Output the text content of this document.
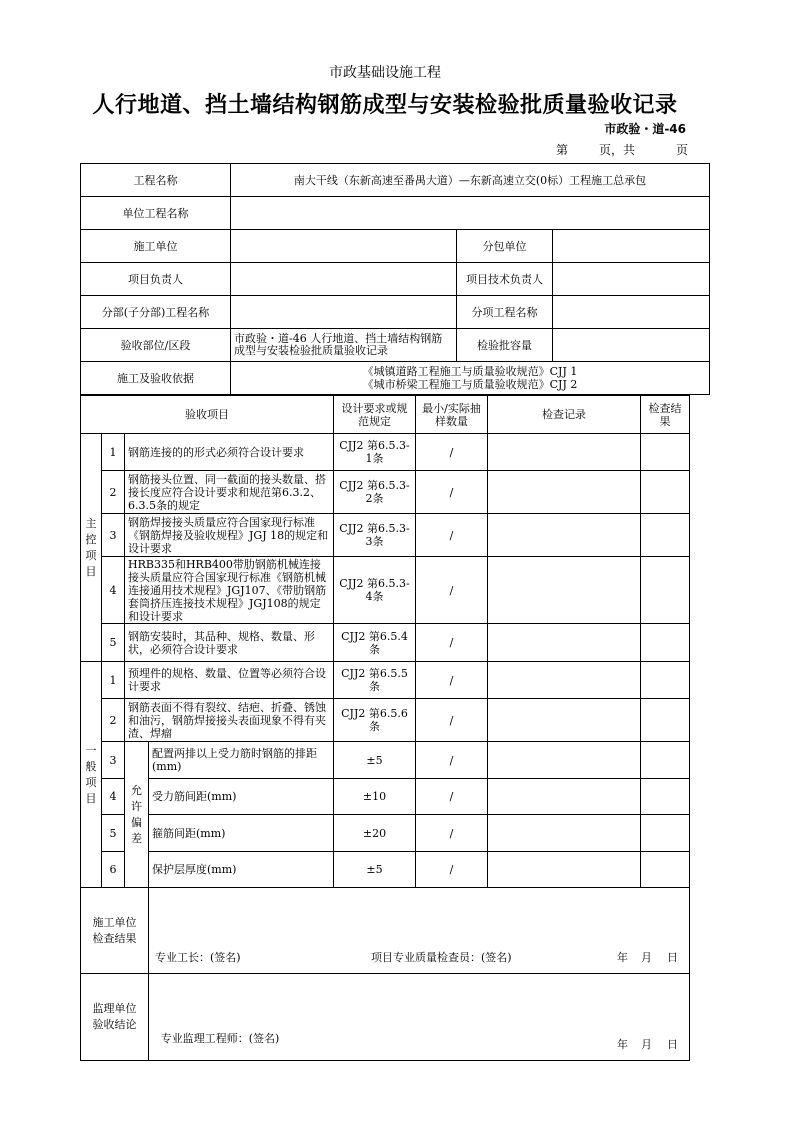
市政基础设施工程
人行地道、挡土墙结构钢筋成型与安装检验批质量验收记录
市政验・道-46
第	页，共	页
工程名称	南大干线（东新高速至番禺大道）—东新高速立交(0标）工程施工总承包		
单位工程名称			
施工单位		分包单位	
项目负责人		项目技术负责人	
分部(子分部)工程名称		分项工程名称	
验收部位/区段	市政验・道-46 人行地道、挡土墙结构钢筋成型与安装检验批质量验收记录	检验批容量	
施工及验收依据	《城镇道路工程施工与质量验收规范》CJJ 1
《城市桥梁工程施工与质量验收规范》CJJ 2		
验收项目				设计要求或规范规定	最小/实际抽样数量	检查记录	检查结果
主控项目	1	钢筋连接的的形式必须符合设计要求		CJJ2 第6.5.3-1条	/		
	2	钢筋接头位置、同一截面的接头数量、搭接长度应符合设计要求和规范第6.3.2、6.3.5条的规定		CJJ2 第6.5.3-2条	/		
	3	钢筋焊接接头质量应符合国家现行标准《钢筋焊接及验收规程》JGJ 18的规定和设计要求		CJJ2 第6.5.3-3条	/		
	4	HRB335和HRB400带肋钢筋机械连接接头质量应符合国家现行标准《钢筋机械连接通用技术规程》JGJ107、《带肋钢筋套筒挤压连接技术规程》JGJ108的规定和设计要求		CJJ2 第6.5.3-4条	/		
	5	钢筋安装时，其品种、规格、数量、形状，必须符合设计要求		CJJ2 第6.5.4条	/		
一般项目	1	预埋件的规格、数量、位置等必须符合设计要求		CJJ2 第6.5.5条	/		
	2	钢筋表面不得有裂纹、结疤、折叠、锈蚀和油污，钢筋焊接接头表面现象不得有夹渣、焊瘤		CJJ2 第6.5.6条	/		
	3	允许偏差	配置两排以上受力筋时钢筋的排距(mm)	±5	/		
	4		受力筋间距(mm)	±10	/		
	5		箍筋间距(mm)	±20	/		
	6		保护层厚度(mm)	±5	/		
施工单位检查结果			专业工长：(签名) 项目专业质量检查员：(签名) 年 月 日				

监理单位验收结论			专业监理工程师：(签名) 年 月 日				
